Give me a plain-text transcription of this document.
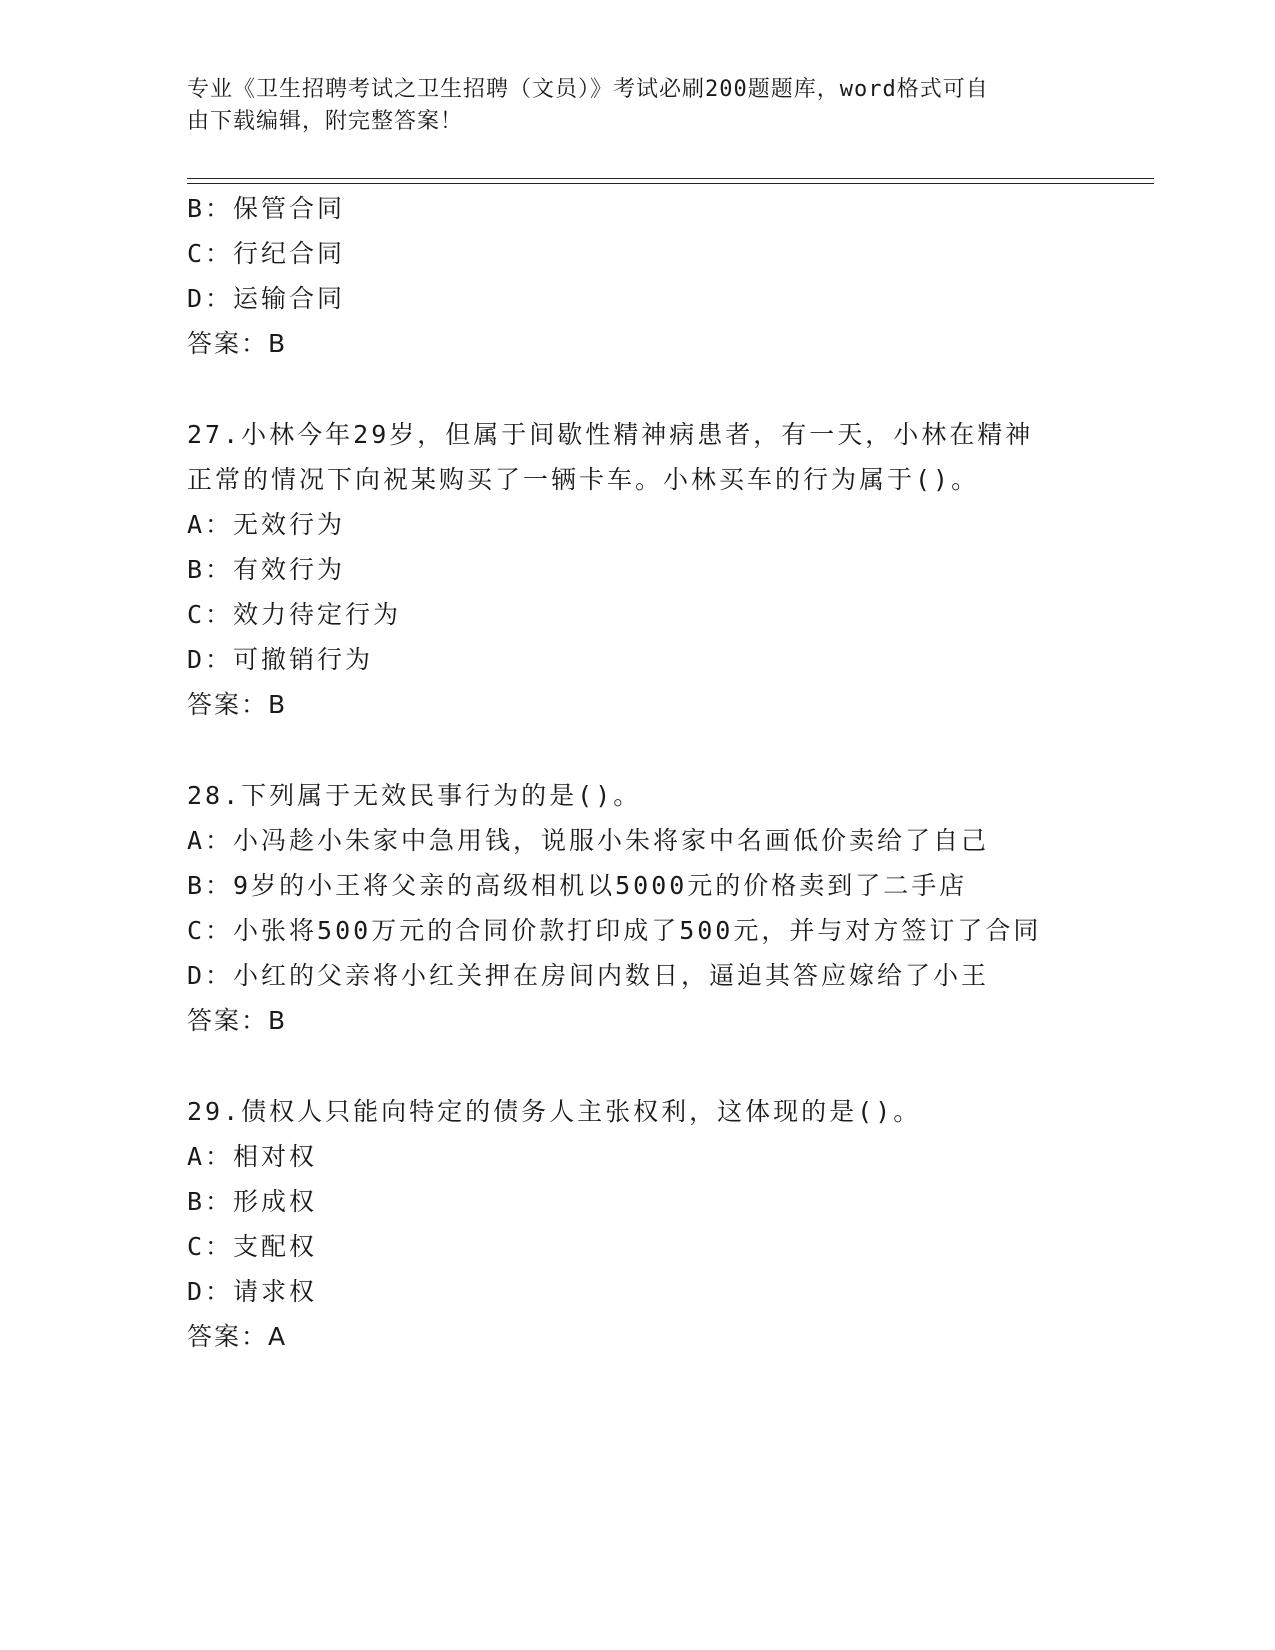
专业《卫生招聘考试之卫生招聘（文员）》考试必刷200题题库，word格式可自
由下载编辑，附完整答案！
B：保管合同
C：行纪合同
D：运输合同
答案：B
27.小林今年29岁，但属于间歇性精神病患者，有一天，小林在精神
正常的情况下向祝某购买了一辆卡车。小林买车的行为属于()。
A：无效行为
B：有效行为
C：效力待定行为
D：可撤销行为
答案：B
28.下列属于无效民事行为的是()。
A：小冯趁小朱家中急用钱，说服小朱将家中名画低价卖给了自己
B：9岁的小王将父亲的高级相机以5000元的价格卖到了二手店
C：小张将500万元的合同价款打印成了500元，并与对方签订了合同
D：小红的父亲将小红关押在房间内数日，逼迫其答应嫁给了小王
答案：B
29.债权人只能向特定的债务人主张权利，这体现的是()。
A：相对权
B：形成权
C：支配权
D：请求权
答案：A
